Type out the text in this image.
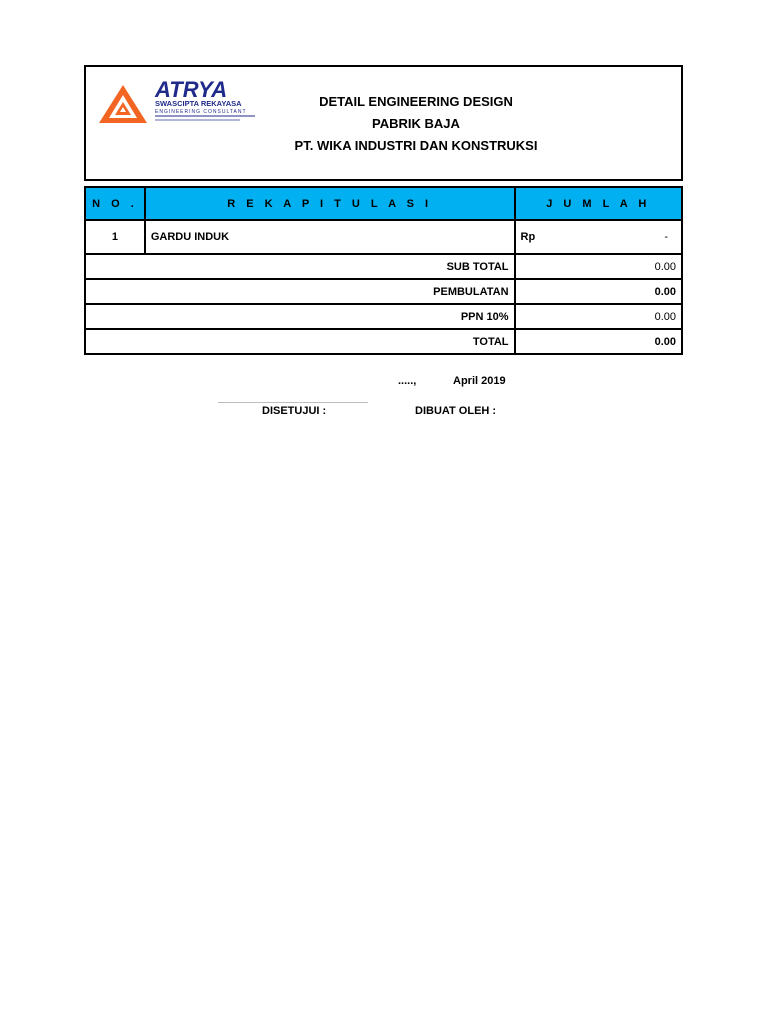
ATRYA
SWASCIPTA REKAYASA
ENGINEERING CONSULTANT
DETAIL ENGINEERING DESIGN
PABRIK BAJA
PT. WIKA INDUSTRI DAN KONSTRUKSI
N O .	R E K A P I T U L A S I	J U M L A H
1	GARDU INDUK	Rp -

SUB TOTAL		0.00
PEMBULATAN		0.00
PPN 10%		0.00
TOTAL		0.00
.....,	April 2019
DISETUJUI :	DIBUAT OLEH :
